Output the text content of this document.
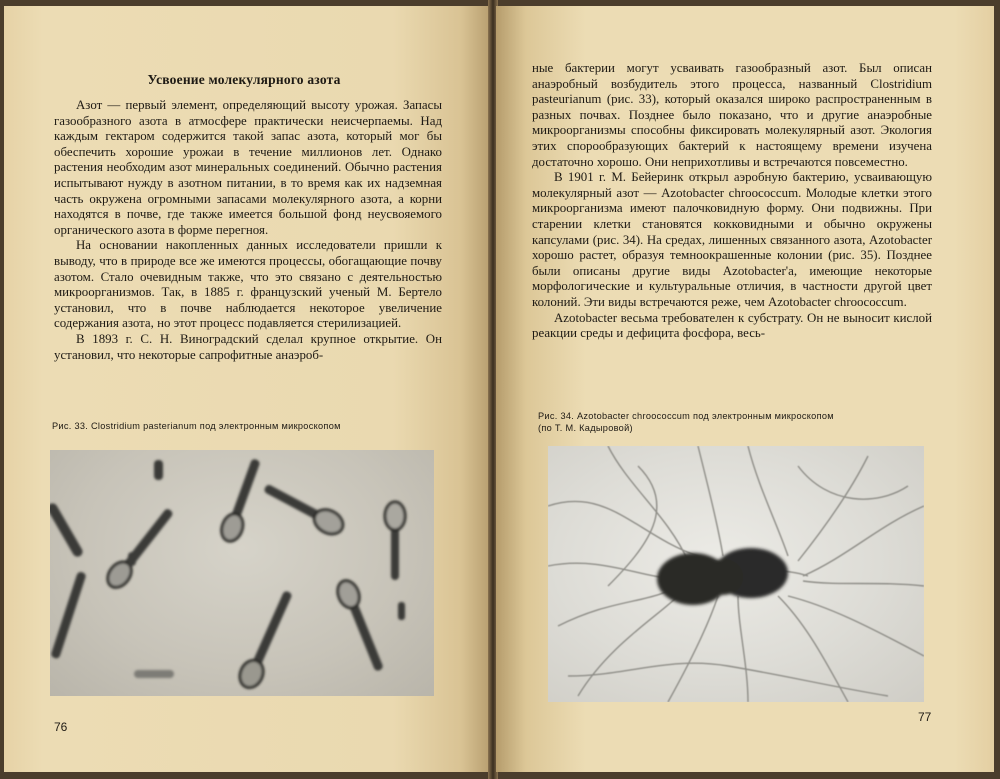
Усвоение молекулярного азота

Азот — первый элемент, определяющий высоту урожая. Запасы газообразного азота в атмосфере практически неисчерпаемы. Над каждым гектаром содержится такой запас азота, который мог бы обеспечить хорошие урожаи в течение миллионов лет. Однако растения необходим азот минеральных соединений. Обычно растения испытывают нужду в азотном питании, в то время как их надземная часть окружена огромными запасами молекулярного азота, а корни находятся в почве, где также имеется большой фонд неусвояемого органического азота в форме перегноя.

На основании накопленных данных исследователи пришли к выводу, что в природе все же имеются процессы, обогащающие почву азотом. Стало очевидным также, что это связано с деятельностью микроорганизмов. Так, в 1885 г. французский ученый М. Бертело установил, что в почве наблюдается некоторое увеличение содержания азота, но этот процесс подавляется стерилизацией.

В 1893 г. С. Н. Виноградский сделал крупное открытие. Он установил, что некоторые сапрофитные анаэроб-

Рис. 33. Clostridium pasterianum под электронным микроскопом
76

ные бактерии могут усваивать газообразный азот. Был описан анаэробный возбудитель этого процесса, названный Clostridium pasteurianum (рис. 33), который оказался широко распространенным в разных почвах. Позднее было показано, что и другие анаэробные микроорганизмы способны фиксировать молекулярный азот. Экология этих спорообразующих бактерий к настоящему времени изучена достаточно хорошо. Они неприхотливы и встречаются повсеместно.

В 1901 г. М. Бейеринк открыл аэробную бактерию, усваивающую молекулярный азот — Azotobacter chroococcum. Молодые клетки этого микроорганизма имеют палочковидную форму. Они подвижны. При старении клетки становятся кокковидными и обычно окружены капсулами (рис. 34). На средах, лишенных связанного азота, Azotobacter хорошо растет, образуя темноокрашенные колонии (рис. 35). Позднее были описаны другие виды Azotobacter'a, имеющие некоторые морфологические и культуральные отличия, в частности другой цвет колоний. Эти виды встречаются реже, чем Azotobacter chroococcum.

Azotobacter весьма требователен к субстрату. Он не выносит кислой реакции среды и дефицита фосфора, весь-

Рис. 34. Azotobacter chroococcum под электронным микроскопом
(по Т. М. Кадыровой)
77
